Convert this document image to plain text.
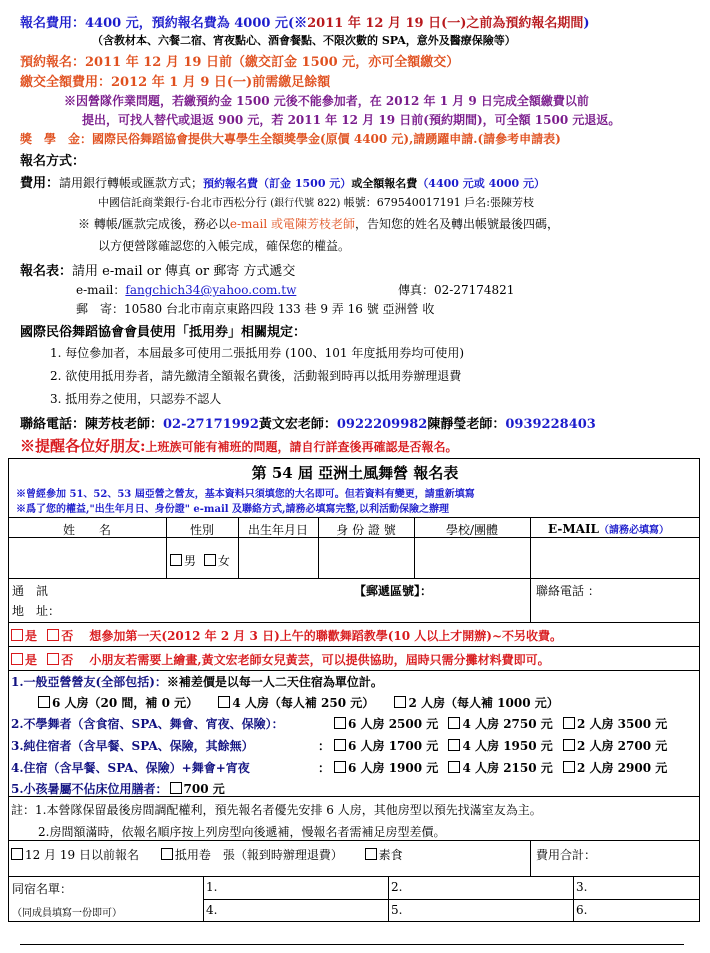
報名費用：4400 元，預約報名費為 4000 元(※2011 年 12 月 19 日(一)之前為預約報名期間)
（含教材本、六餐二宿、宵夜點心、酒會餐點、不限次數的 SPA，意外及醫療保險等）
預約報名：2011 年 12 月 19 日前（繳交訂金 1500 元，亦可全額繳交）
繳交全額費用：2012 年 1 月 9 日(一)前需繳足餘額
※因營隊作業問題，若繳預約金 1500 元後不能參加者，在 2012 年 1 月 9 日完成全額繳費以前
提出，可找人替代或退返 900 元，若 2011 年 12 月 19 日前(預約期間)，可全額 1500 元退返。
獎　學　金：國際民俗舞蹈協會提供大專學生全額獎學金(原價 4400 元),請踴躍申請.(請參考申請表)
報名方式：
費用：請用銀行轉帳或匯款方式；預約報名費（訂金 1500 元）或全額報名費（4400 元或 4000 元）
中國信託商業銀行-台北市西松分行 (銀行代號 822) 帳號：679540017191 戶名:張陳芳枝
※ 轉帳/匯款完成後，務必以e-mail 或電陳芳枝老師，告知您的姓名及轉出帳號最後四碼，
以方便營隊確認您的入帳完成，確保您的權益。
報名表：請用 e-mail or 傳真 or 郵寄 方式遞交
e-mail：fangchich34@yahoo.com.tw	傳真：02-27174821
郵　寄：10580 台北市南京東路四段 133 巷 9 弄 16 號 亞洲營 收
國際民俗舞蹈協會會員使用「抵用券」相關規定：
1. 每位參加者，本屆最多可使用二張抵用券 (100、101 年度抵用券均可使用)
2. 欲使用抵用券者，請先繳清全額報名費後，活動報到時再以抵用券辦理退費
3. 抵用券之使用，只認券不認人
聯絡電話：陳芳枝老師：02-27171992黃文宏老師：0922209982陳靜瑩老師：0939228403
※提醒各位好朋友:上班族可能有補班的問題，請自行詳查後再確認是否報名。
第 54 屆 亞洲土風舞營 報名表
※曾經參加 51、52、53 屆亞營之營友，基本資料只須填您的大名即可。但若資料有變更，請重新填寫
※爲了您的權益,"出生年月日、身份證" e-mail 及聯絡方式,請務必填寫完整,以利活動保險之辦理
姓　　名	性別	出生年月日	身 份 證 號	學校/團體	E-MAIL（請務必填寫）
男 女
通　訊
地　址：
【郵遞區號】：	聯絡電話 ：
是 否 想參加第一天(2012 年 2 月 3 日)上午的聯歡舞蹈教學(10 人以上才開辦)~不另收費。
是 否 小朋友若需要上繪畫,黃文宏老師女兒黃芸，可以提供協助，屆時只需分攤材料費即可。
1.一般亞營營友(全部包括)：※補差價是以每一人二天住宿為單位計。
6 人房（20 間，補 0 元）	4 人房（每人補 250 元）	2 人房（每人補 1000 元）
2.不學舞者（含食宿、SPA、舞會、宵夜、保險）：	6 人房 2500 元 4 人房 2750 元 2 人房 3500 元
3.純住宿者（含早餐、SPA、保險，其餘無）	：	6 人房 1700 元 4 人房 1950 元 2 人房 2700 元
4.住宿（含早餐、SPA、保險）+舞會+宵夜	：	6 人房 1900 元 4 人房 2150 元 2 人房 2900 元
5.小孩暑屬不佔床位用膳者： 700 元
註：1.本營隊保留最後房間調配權利，預先報名者優先安排 6 人房，其他房型以預先找滿室友為主。
2.房間額滿時，依報名順序按上列房型向後遞補，慢報名者需補足房型差價。
12 月 19 日以前報名	抵用卷　張（報到時辦理退費）	素食	費用合計：
同宿名單：
（同成員填寫一份即可）
1.	2.	3.
4.	5.	6.
